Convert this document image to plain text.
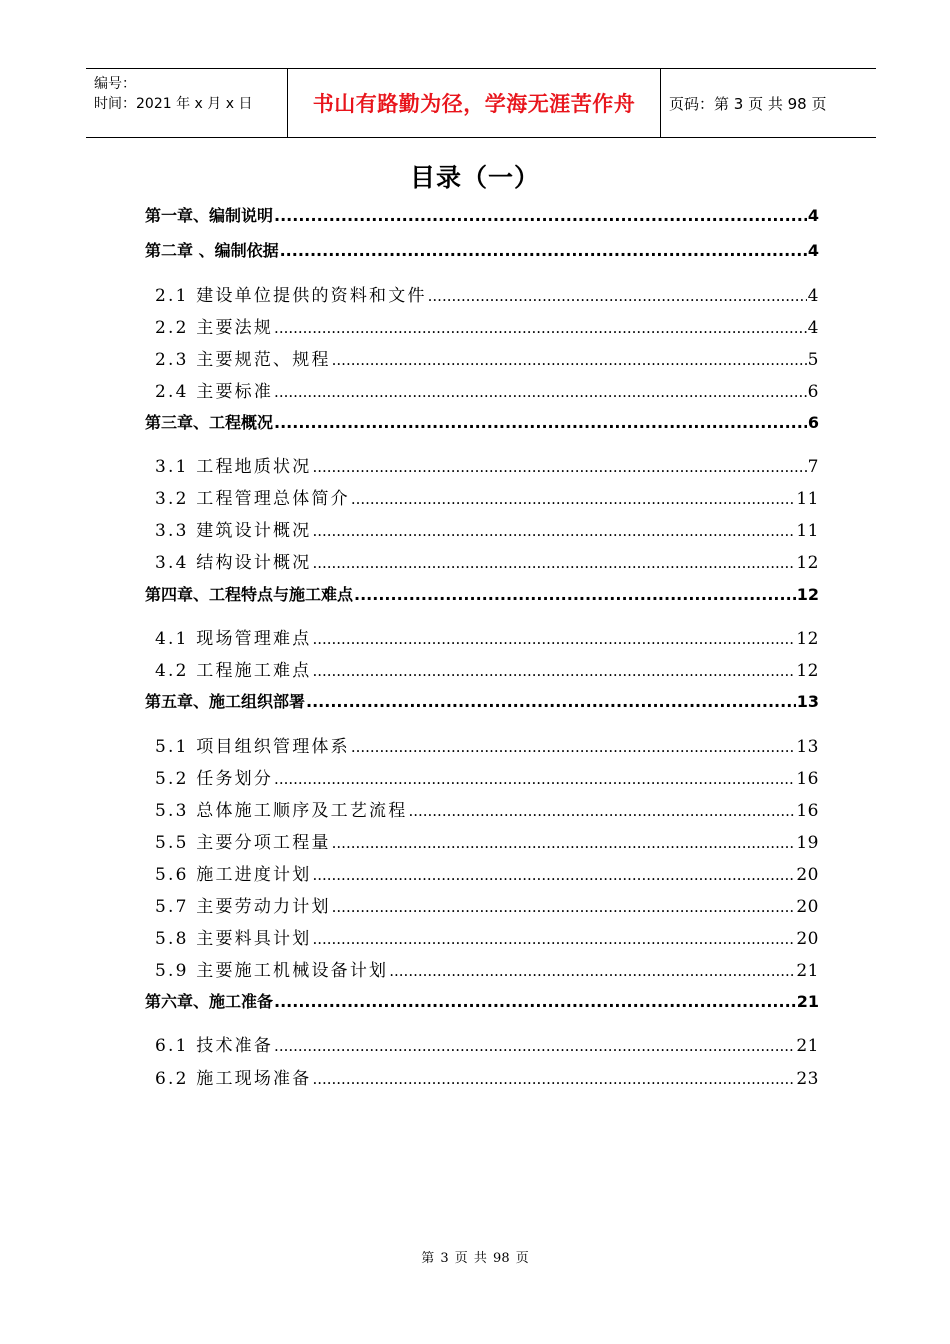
编号：
时间：2021 年 x 月 x 日	书山有路勤为径，学海无涯苦作舟	页码：第 3 页 共 98 页
目录（一）
第一章、编制说明 .....	4
第二章 、编制依据 .....	4
2.1 建设单位提供的资料和文件 .....	4
2.2 主要法规 .....	4
2.3 主要规范、规程 .....	5
2.4 主要标准 .....	6
第三章、工程概况 .....	6
3.1 工程地质状况 .....	7
3.2 工程管理总体简介 .....	11
3.3 建筑设计概况 .....	11
3.4 结构设计概况 .....	12
第四章、工程特点与施工难点 .....	12
4.1 现场管理难点 .....	12
4.2 工程施工难点 .....	12
第五章、施工组织部署 .....	13
5.1 项目组织管理体系 .....	13
5.2 任务划分 .....	16
5.3 总体施工顺序及工艺流程 .....	16
5.5 主要分项工程量 .....	19
5.6 施工进度计划 .....	20
5.7 主要劳动力计划 .....	20
5.8 主要料具计划 .....	20
5.9 主要施工机械设备计划 .....	21
第六章、施工准备 .....	21
6.1 技术准备 .....	21
6.2 施工现场准备 .....	23
第 3 页 共 98 页
